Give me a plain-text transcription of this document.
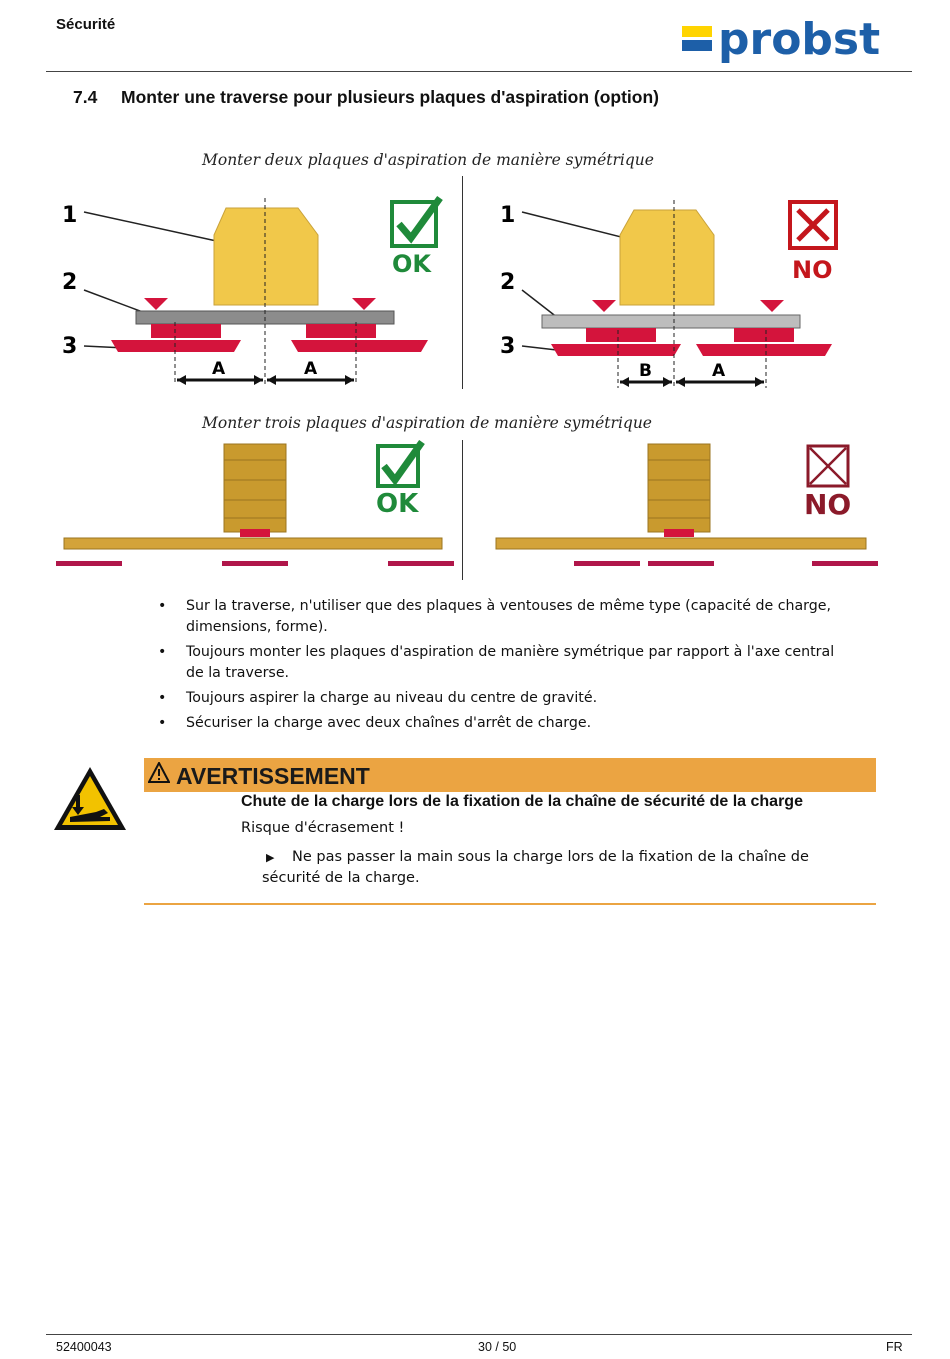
Sécurité	probst
7.4 Monter une traverse pour plusieurs plaques d'aspiration (option)
Monter deux plaques d'aspiration de manière symétrique
1
2
3
A	A
OK
1
2
3
B	A
NO
Monter trois plaques d'aspiration de manière symétrique
OK	NO
• Sur la traverse, n'utiliser que des plaques à ventouses de même type (capacité de charge, dimensions, forme).
• Toujours monter les plaques d'aspiration de manière symétrique par rapport à l'axe central de la traverse.
• Toujours aspirer la charge au niveau du centre de gravité.
• Sécuriser la charge avec deux chaînes d'arrêt de charge.
AVERTISSEMENT
Chute de la charge lors de la fixation de la chaîne de sécurité de la charge
Risque d'écrasement !
▶ Ne pas passer la main sous la charge lors de la fixation de la chaîne de sécurité de la charge.
52400043	30 / 50	FR
